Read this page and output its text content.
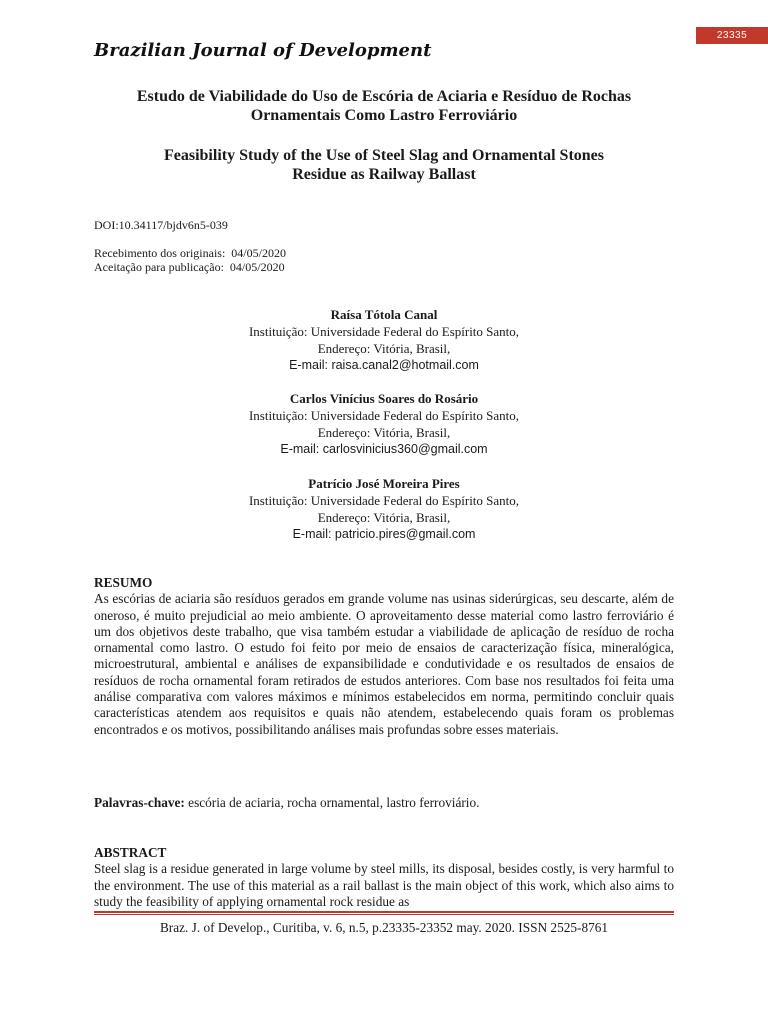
23335
Brazilian Journal of Development
Estudo de Viabilidade do Uso de Escória de Aciaria e Resíduo de Rochas
Ornamentais Como Lastro Ferroviário
Feasibility Study of the Use of Steel Slag and Ornamental Stones
Residue as Railway Ballast
DOI:10.34117/bjdv6n5-039
Recebimento dos originais:  04/05/2020
Aceitação para publicação:  04/05/2020
Raísa Tótola Canal
Instituição: Universidade Federal do Espírito Santo,
Endereço: Vitória, Brasil,
E-mail: raisa.canal2@hotmail.com
Carlos Vinícius Soares do Rosário
Instituição: Universidade Federal do Espírito Santo,
Endereço: Vitória, Brasil,
E-mail: carlosvinicius360@gmail.com
Patrício José Moreira Pires
Instituição: Universidade Federal do Espírito Santo,
Endereço: Vitória, Brasil,
E-mail: patricio.pires@gmail.com
RESUMO

As escórias de aciaria são resíduos gerados em grande volume nas usinas siderúrgicas, seu descarte, além de oneroso, é muito prejudicial ao meio ambiente. O aproveitamento desse material como lastro ferroviário é um dos objetivos deste trabalho, que visa também estudar a viabilidade de aplicação de resíduo de rocha ornamental como lastro. O estudo foi feito por meio de ensaios de caracterização física, mineralógica, microestrutural, ambiental e análises de expansibilidade e condutividade e os resultados de ensaios de resíduos de rocha ornamental foram retirados de estudos anteriores. Com base nos resultados foi feita uma análise comparativa com valores máximos e mínimos estabelecidos em norma, permitindo concluir quais características atendem aos requisitos e quais não atendem, estabelecendo quais foram os problemas encontrados e os motivos, possibilitando análises mais profundas sobre esses materiais.

Palavras-chave: escória de aciaria, rocha ornamental, lastro ferroviário.
ABSTRACT

Steel slag is a residue generated in large volume by steel mills, its disposal, besides costly, is very harmful to the environment. The use of this material as a rail ballast is the main object of this work, which also aims to study the feasibility of applying ornamental rock residue as

Braz. J. of Develop., Curitiba, v. 6, n.5, p.23335-23352 may. 2020. ISSN 2525-8761
